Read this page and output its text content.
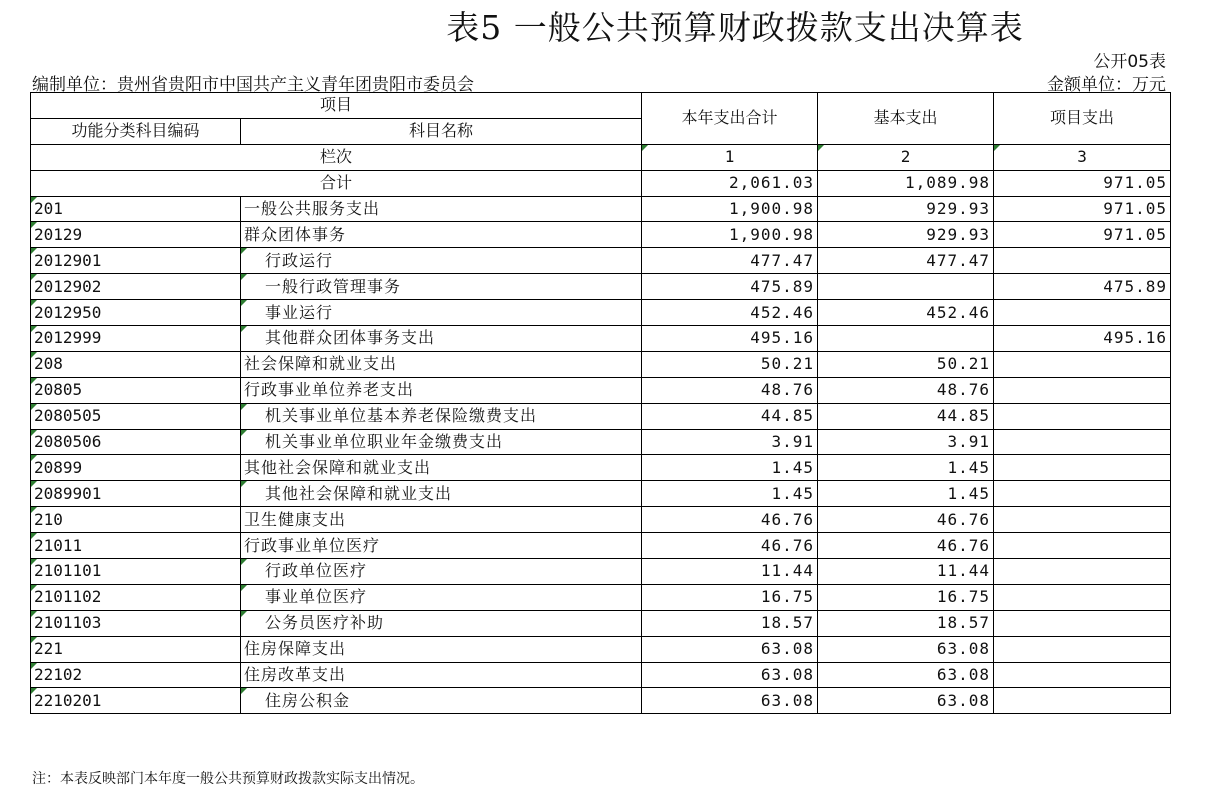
表5 一般公共预算财政拨款支出决算表
公开05表
编制单位：贵州省贵阳市中国共产主义青年团贵阳市委员会	金额单位：万元
项目		本年支出合计	基本支出	项目支出
功能分类科目编码	科目名称			
栏次		1	2	3
合计		2,061.03	1,089.98	971.05
201	一般公共服务支出	1,900.98	929.93	971.05
20129	群众团体事务	1,900.98	929.93	971.05
2012901	行政运行	477.47	477.47	
2012902	一般行政管理事务	475.89		475.89
2012950	事业运行	452.46	452.46	
2012999	其他群众团体事务支出	495.16		495.16
208	社会保障和就业支出	50.21	50.21	
20805	行政事业单位养老支出	48.76	48.76	
2080505	机关事业单位基本养老保险缴费支出	44.85	44.85	
2080506	机关事业单位职业年金缴费支出	3.91	3.91	
20899	其他社会保障和就业支出	1.45	1.45	
2089901	其他社会保障和就业支出	1.45	1.45	
210	卫生健康支出	46.76	46.76	
21011	行政事业单位医疗	46.76	46.76	
2101101	行政单位医疗	11.44	11.44	
2101102	事业单位医疗	16.75	16.75	
2101103	公务员医疗补助	18.57	18.57	
221	住房保障支出	63.08	63.08	
22102	住房改革支出	63.08	63.08	
2210201	住房公积金	63.08	63.08	
注：本表反映部门本年度一般公共预算财政拨款实际支出情况。
